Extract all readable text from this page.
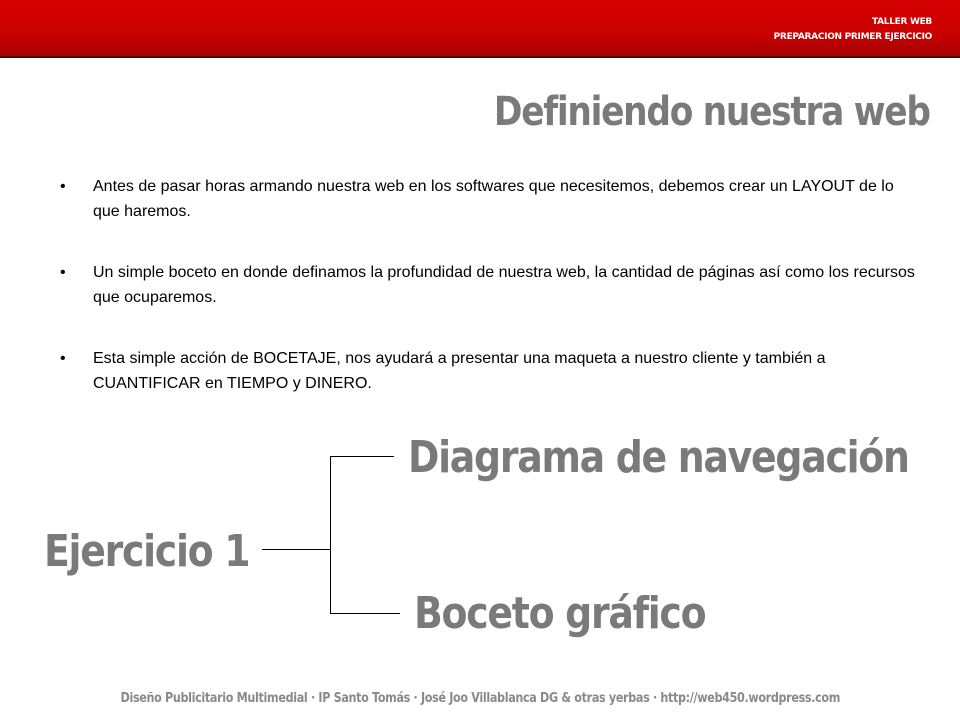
TALLER WEB
PREPARACION PRIMER EJERCICIO
Definiendo nuestra web
•	Antes de pasar horas armando nuestra web en los softwares que necesitemos, debemos crear un LAYOUT de lo que haremos.
•	Un simple boceto en donde definamos la profundidad de nuestra web, la cantidad de páginas así como los recursos que ocuparemos.
•	Esta simple acción de BOCETAJE, nos ayudará a presentar una maqueta a nuestro cliente y también a CUANTIFICAR en TIEMPO y DINERO.
Diagrama de navegación
Ejercicio 1
Boceto gráfico
Diseño Publicitario Multimedial · IP Santo Tomás · José Joo Villablanca DG & otras yerbas · http://web450.wordpress.com
